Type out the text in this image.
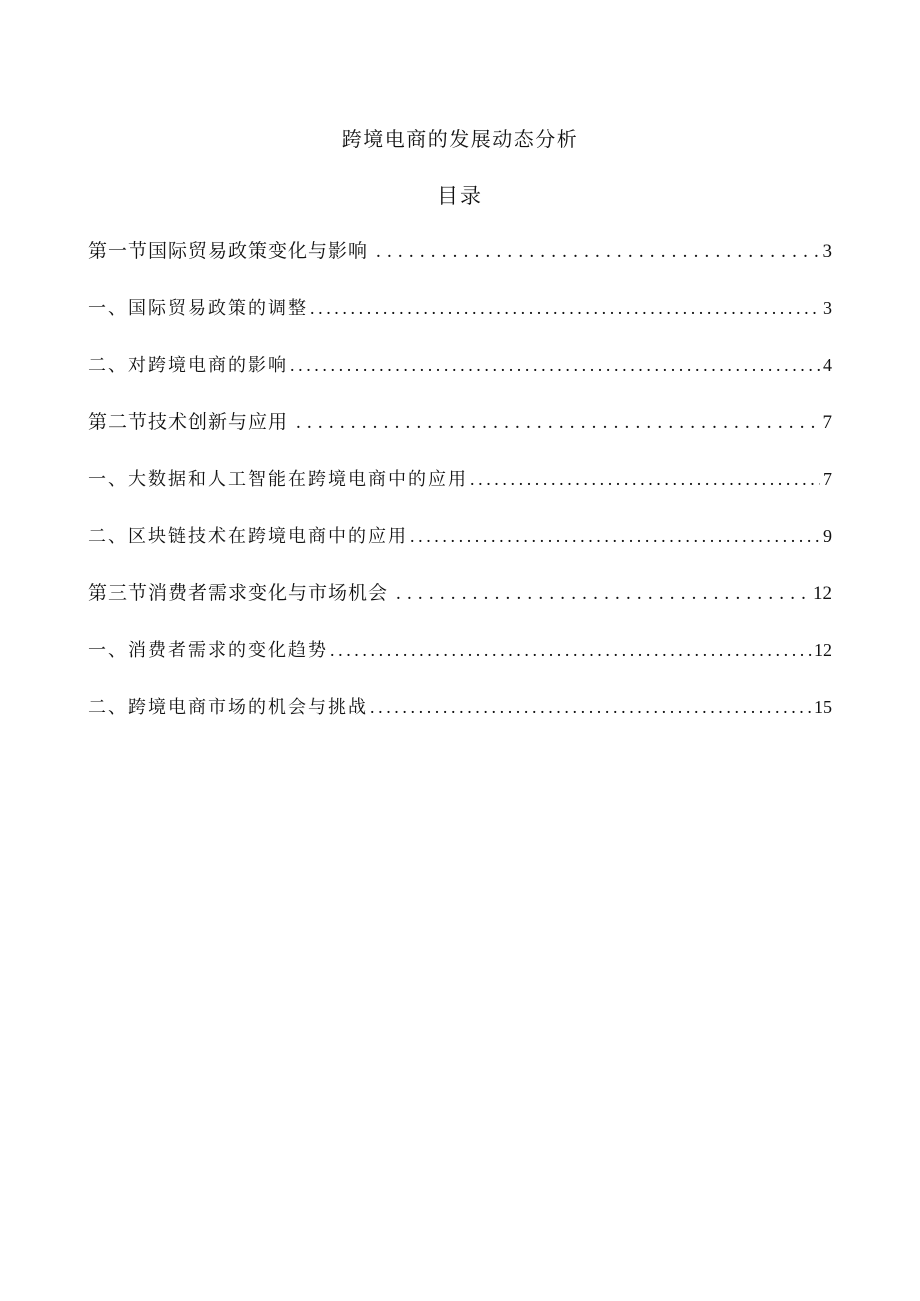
跨境电商的发展动态分析
目录
第一节国际贸易政策变化与影响 .....	3
一、国际贸易政策的调整 .....	3
二、对跨境电商的影响 .....	4
第二节技术创新与应用 .....	7
一、大数据和人工智能在跨境电商中的应用 .....	7
二、区块链技术在跨境电商中的应用 .....	9
第三节消费者需求变化与市场机会 .....	12
一、消费者需求的变化趋势 .....	12
二、跨境电商市场的机会与挑战 .....	15
